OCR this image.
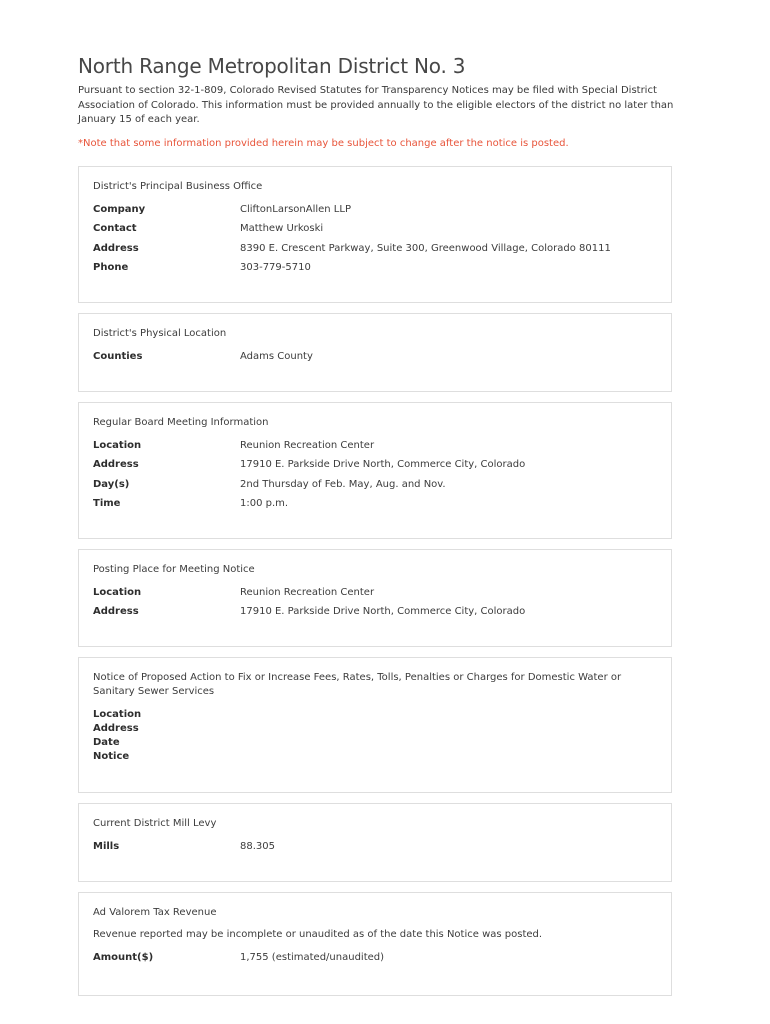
North Range Metropolitan District No. 3

Pursuant to section 32-1-809, Colorado Revised Statutes for Transparency Notices may be filed with Special District Association of Colorado. This information must be provided annually to the eligible electors of the district no later than January 15 of each year.

*Note that some information provided herein may be subject to change after the notice is posted.

District's Principal Business Office
Company	CliftonLarsonAllen LLP
Contact	Matthew Urkoski
Address	8390 E. Crescent Parkway, Suite 300, Greenwood Village, Colorado 80111
Phone	303-779-5710
District's Physical Location
Counties	Adams County
Regular Board Meeting Information
Location	Reunion Recreation Center
Address	17910 E. Parkside Drive North, Commerce City, Colorado
Day(s)	2nd Thursday of Feb. May, Aug. and Nov.
Time	1:00 p.m.
Posting Place for Meeting Notice
Location	Reunion Recreation Center
Address	17910 E. Parkside Drive North, Commerce City, Colorado
Notice of Proposed Action to Fix or Increase Fees, Rates, Tolls, Penalties or Charges for Domestic Water or Sanitary Sewer Services
Location
Address
Date
Notice
Current District Mill Levy
Mills	88.305
Ad Valorem Tax Revenue
Revenue reported may be incomplete or unaudited as of the date this Notice was posted.
Amount($)	1,755 (estimated/unaudited)
